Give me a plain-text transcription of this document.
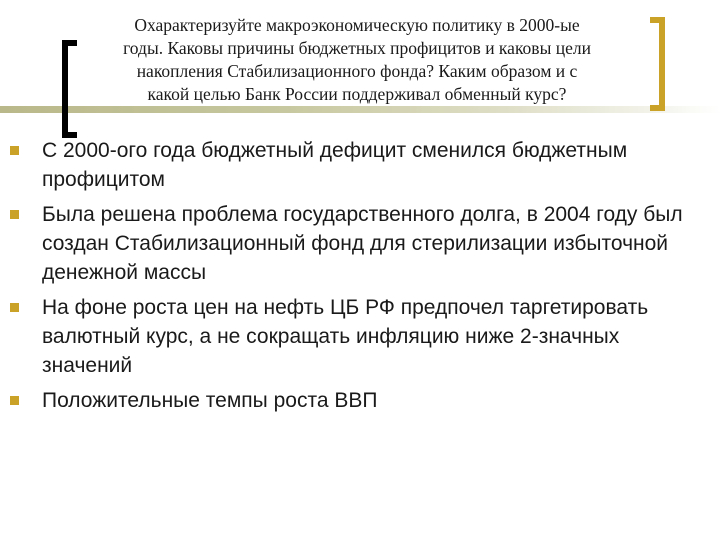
Охарактеризуйте макроэкономическую политику в 2000-ые
годы. Каковы причины бюджетных профицитов и каковы цели
накопления Стабилизационного фонда? Каким образом и с
какой целью Банк России поддерживал обменный курс?
С 2000-ого года бюджетный дефицит сменился бюджетным
профицитом
Была решена проблема государственного долга, в 2004 году был
создан Стабилизационный фонд для стерилизации избыточной
денежной массы
На фоне роста цен на нефть ЦБ РФ предпочел таргетировать
валютный курс, а не сокращать инфляцию ниже 2-значных
значений
Положительные темпы роста ВВП
